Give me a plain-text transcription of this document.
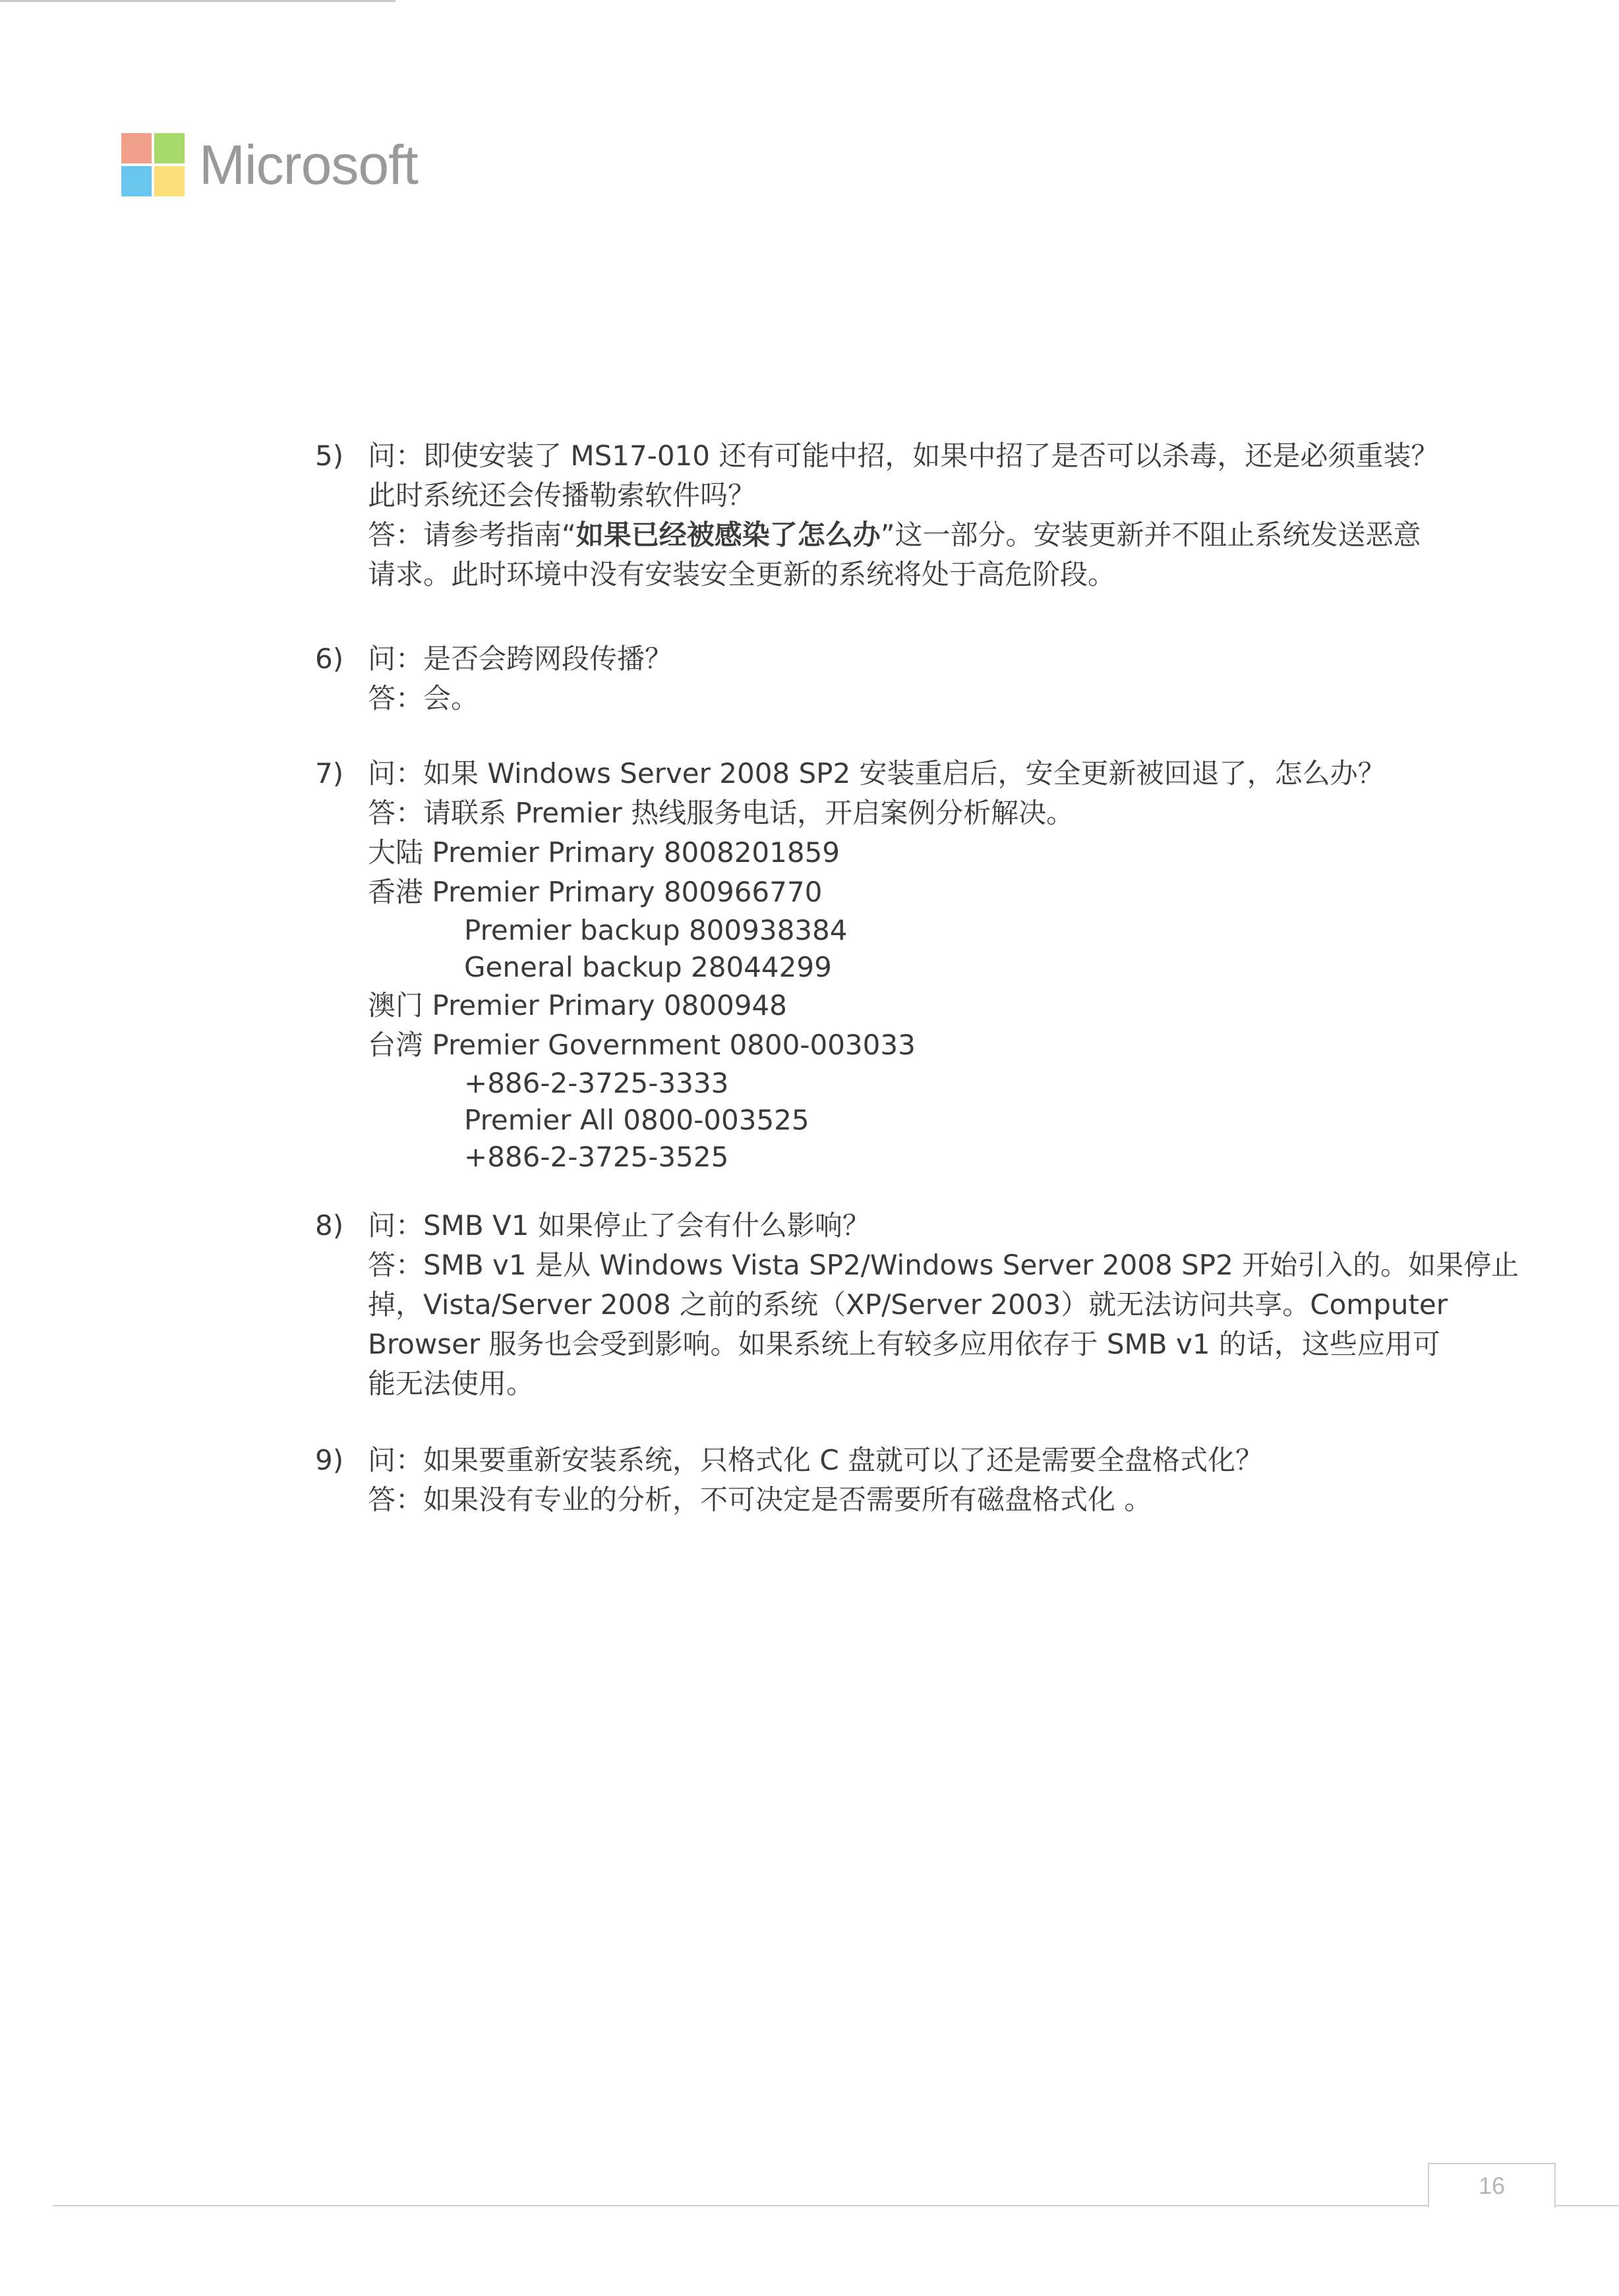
Microsoft
5) 问：即使安装了 MS17-010 还有可能中招，如果中招了是否可以杀毒，还是必须重装？
此时系统还会传播勒索软件吗？
答：请参考指南“如果已经被感染了怎么办”这一部分。安装更新并不阻止系统发送恶意
请求。此时环境中没有安装安全更新的系统将处于高危阶段。
6) 问：是否会跨网段传播？
答：会。
7) 问：如果 Windows Server 2008 SP2 安装重启后，安全更新被回退了，怎么办？
答：请联系 Premier 热线服务电话，开启案例分析解决。
大陆 Premier Primary 8008201859
香港 Premier Primary 800966770
Premier backup 800938384
General backup 28044299
澳门 Premier Primary 0800948
台湾 Premier Government 0800-003033
+886-2-3725-3333
Premier All 0800-003525
+886-2-3725-3525
8) 问：SMB V1 如果停止了会有什么影响？
答：SMB v1 是从 Windows Vista SP2/Windows Server 2008 SP2 开始引入的。如果停止
掉，Vista/Server 2008 之前的系统（XP/Server 2003）就无法访问共享。Computer
Browser 服务也会受到影响。如果系统上有较多应用依存于 SMB v1 的话，这些应用可
能无法使用。
9) 问：如果要重新安装系统，只格式化 C 盘就可以了还是需要全盘格式化？
答：如果没有专业的分析，不可决定是否需要所有磁盘格式化 。
16
